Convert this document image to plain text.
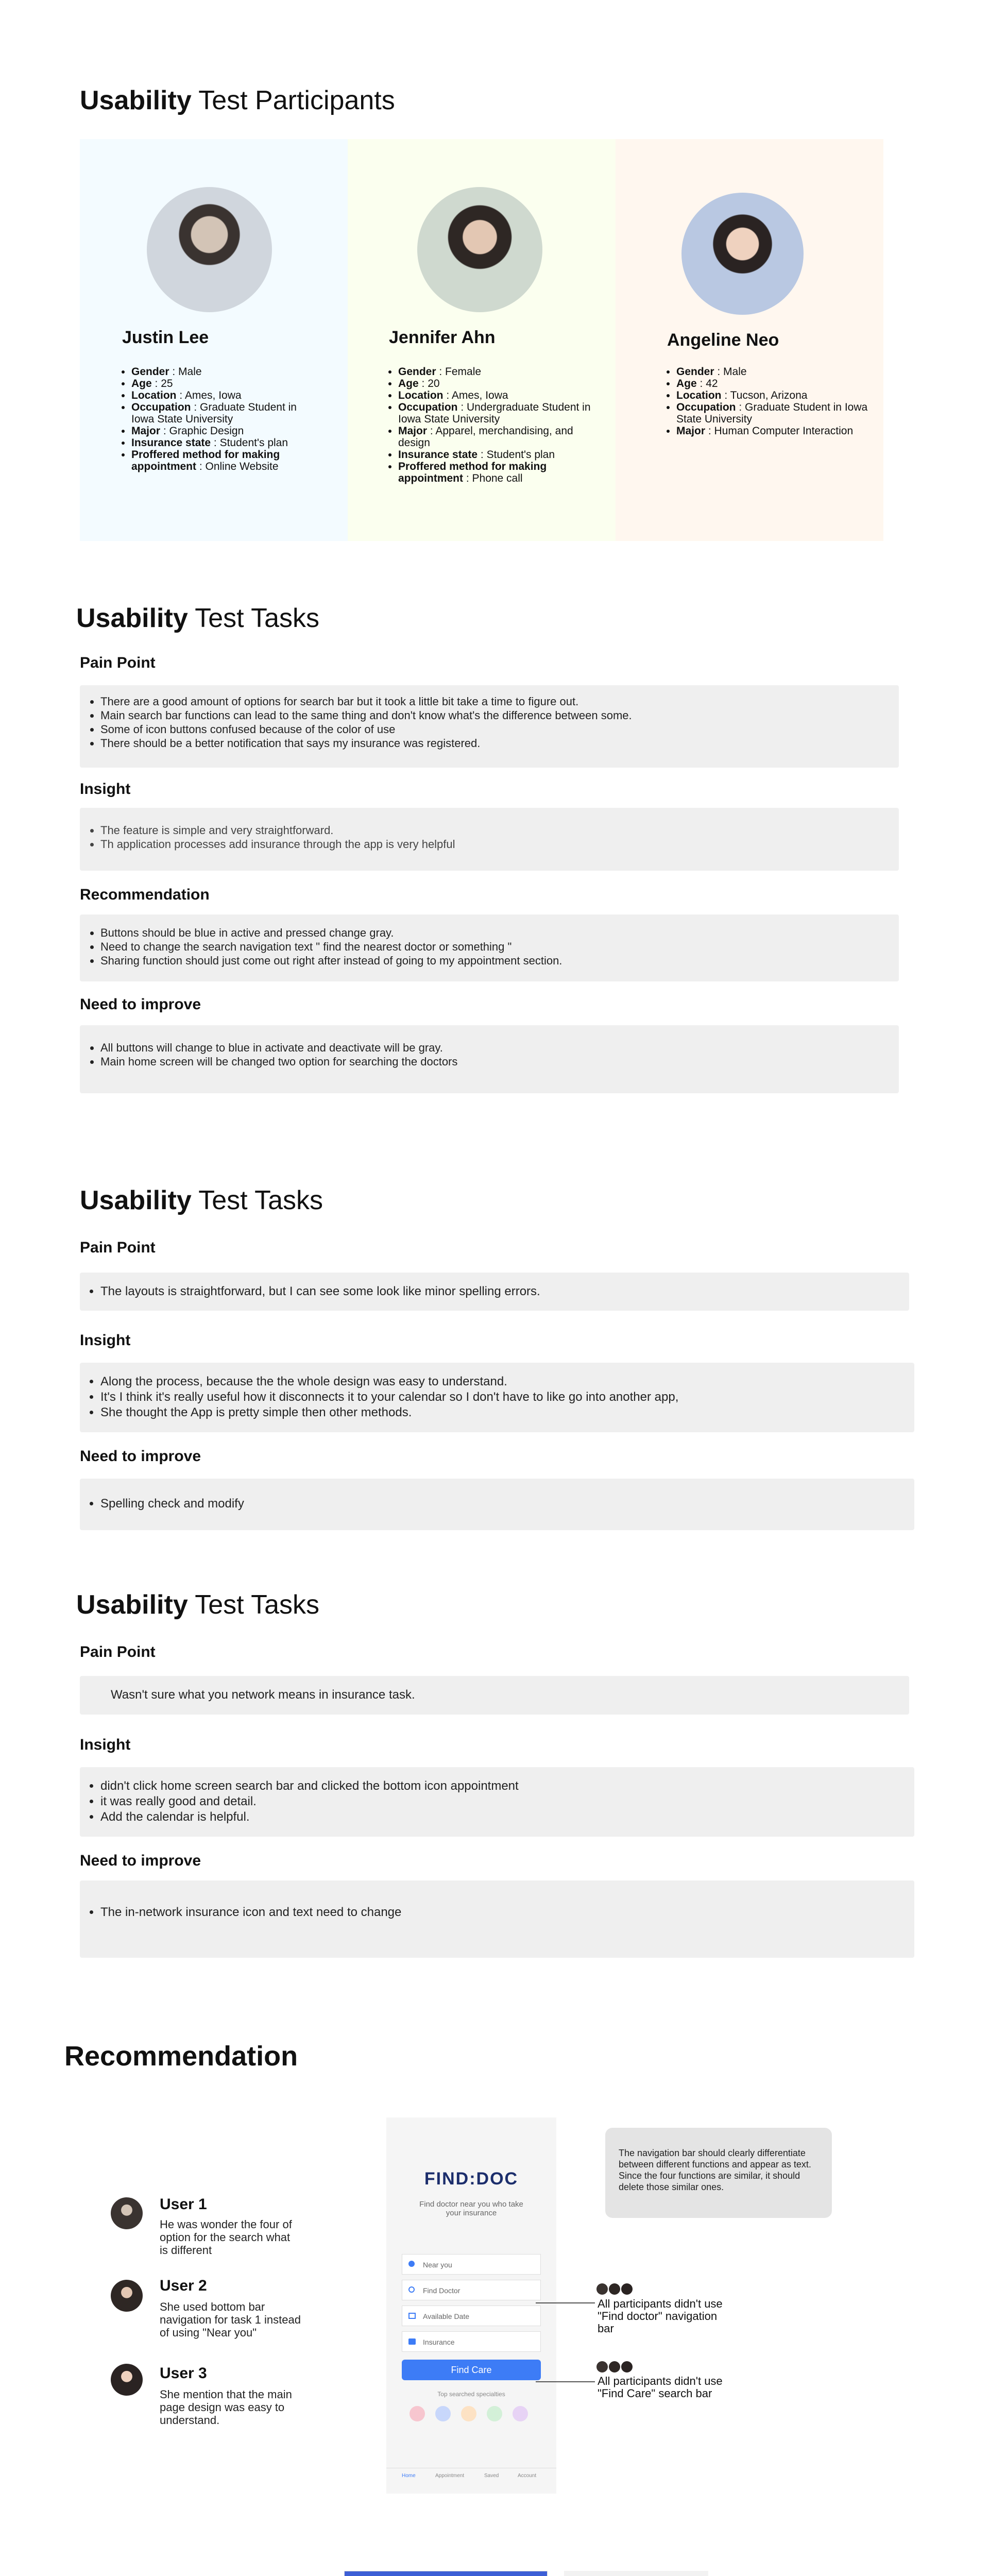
Usability Test Participants
Justin Lee
• Gender : Male
• Age : 25
• Location : Ames, Iowa
• Occupation : Graduate Student in Iowa State University
• Major : Graphic Design
• Insurance state : Student's plan
• Proffered method for making appointment : Online Website
Jennifer Ahn
• Gender : Female
• Age : 20
• Location : Ames, Iowa
• Occupation : Undergraduate Student in Iowa State University
• Major : Apparel, merchandising, and design
• Insurance state : Student's plan
• Proffered method for making appointment : Phone call
Angeline Neo
• Gender : Male
• Age : 42
• Location : Tucson, Arizona
• Occupation : Graduate Student in Iowa State University
• Major : Human Computer Interaction
Usability Test Tasks
Pain Point
• There are a good amount of options for search bar but it took a little bit take a time to figure out.
• Main search bar functions can lead to the same thing and don't know what's the difference between some.
• Some of icon buttons confused because of the color of use
• There should be a better notification that says my insurance was registered.
Insight
• The feature is simple and very straightforward.
• Th application processes add insurance through the app is very helpful
Recommendation
• Buttons should be blue in active and pressed change gray.
• Need to change the search navigation text " find the nearest doctor or something "
• Sharing function should just come out right after instead of going to my appointment section.
Need to improve
• All buttons will change to blue in activate and deactivate will be gray.
• Main home screen will be changed two option for searching the doctors
Usability Test Tasks
Pain Point
• The layouts is straightforward, but I can see some look like minor spelling errors.
Insight
• Along the process, because the the whole design was easy to understand.
• It's I think it's really useful how it disconnects it to your calendar so I don't have to like go into another app,
• She thought the App is pretty simple then other methods.
Need to improve
• Spelling check and modify
Usability Test Tasks
Pain Point

Wasn't sure what you network means in insurance task.

Insight
• didn't click home screen search bar and clicked the bottom icon appointment
• it was really good and detail.
• Add the calendar is helpful.
Need to improve
• The in-network insurance icon and text need to change
Recommendation
User 1
He was wonder the four of option for the search what is different
User 2
She used bottom bar navigation for task 1 instead of using "Near you"
User 3
She mention that the main page design was easy to understand.
FIND:DOC
Find doctor near you who take your insurance
Near you
Find Doctor
Available Date
Insurance
Find Care
Top searched specialties
Home	Appointment	Saved	Account
The navigation bar should clearly differentiate between different functions and appear as text. Since the four functions are similar, it should delete those similar ones.
All participants didn't use "Find doctor" navigation bar
All participants didn't use "Find Care" search bar
